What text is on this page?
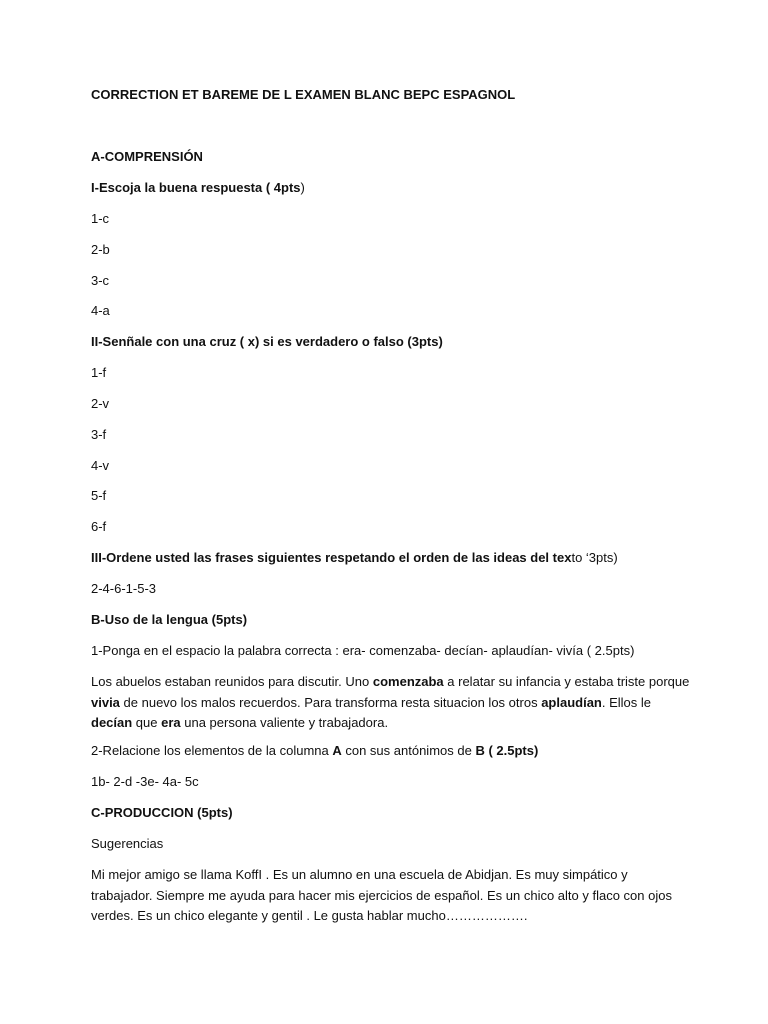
CORRECTION ET BAREME DE L EXAMEN BLANC BEPC ESPAGNOL
A-COMPRENSIÓN
I-Escoja la buena respuesta ( 4pts)
1-c
2-b
3-c
4-a
II-Senñale con una cruz ( x) si es verdadero o falso (3pts)
1-f
2-v
3-f
4-v
5-f
6-f
III-Ordene usted las frases siguientes respetando el orden de las ideas del texto ‘3pts)
2-4-6-1-5-3
B-Uso de la lengua (5pts)
1-Ponga en el espacio la palabra correcta : era- comenzaba- decían- aplaudían- vivía ( 2.5pts)
Los abuelos estaban reunidos para discutir. Uno comenzaba a relatar su infancia y estaba triste porque vivia de nuevo los malos recuerdos. Para transforma resta situacion los otros aplaudían. Ellos le decían que era una persona valiente y trabajadora.
2-Relacione los elementos de la columna A con sus antónimos de B ( 2.5pts)
1b- 2-d -3e- 4a- 5c
C-PRODUCCION (5pts)
Sugerencias
Mi mejor amigo se llama KoffI . Es un alumno en una escuela de Abidjan. Es muy simpático y trabajador. Siempre me ayuda para hacer mis ejercicios de español. Es un chico alto y flaco con ojos verdes. Es un chico elegante y gentil . Le gusta hablar mucho……………….
